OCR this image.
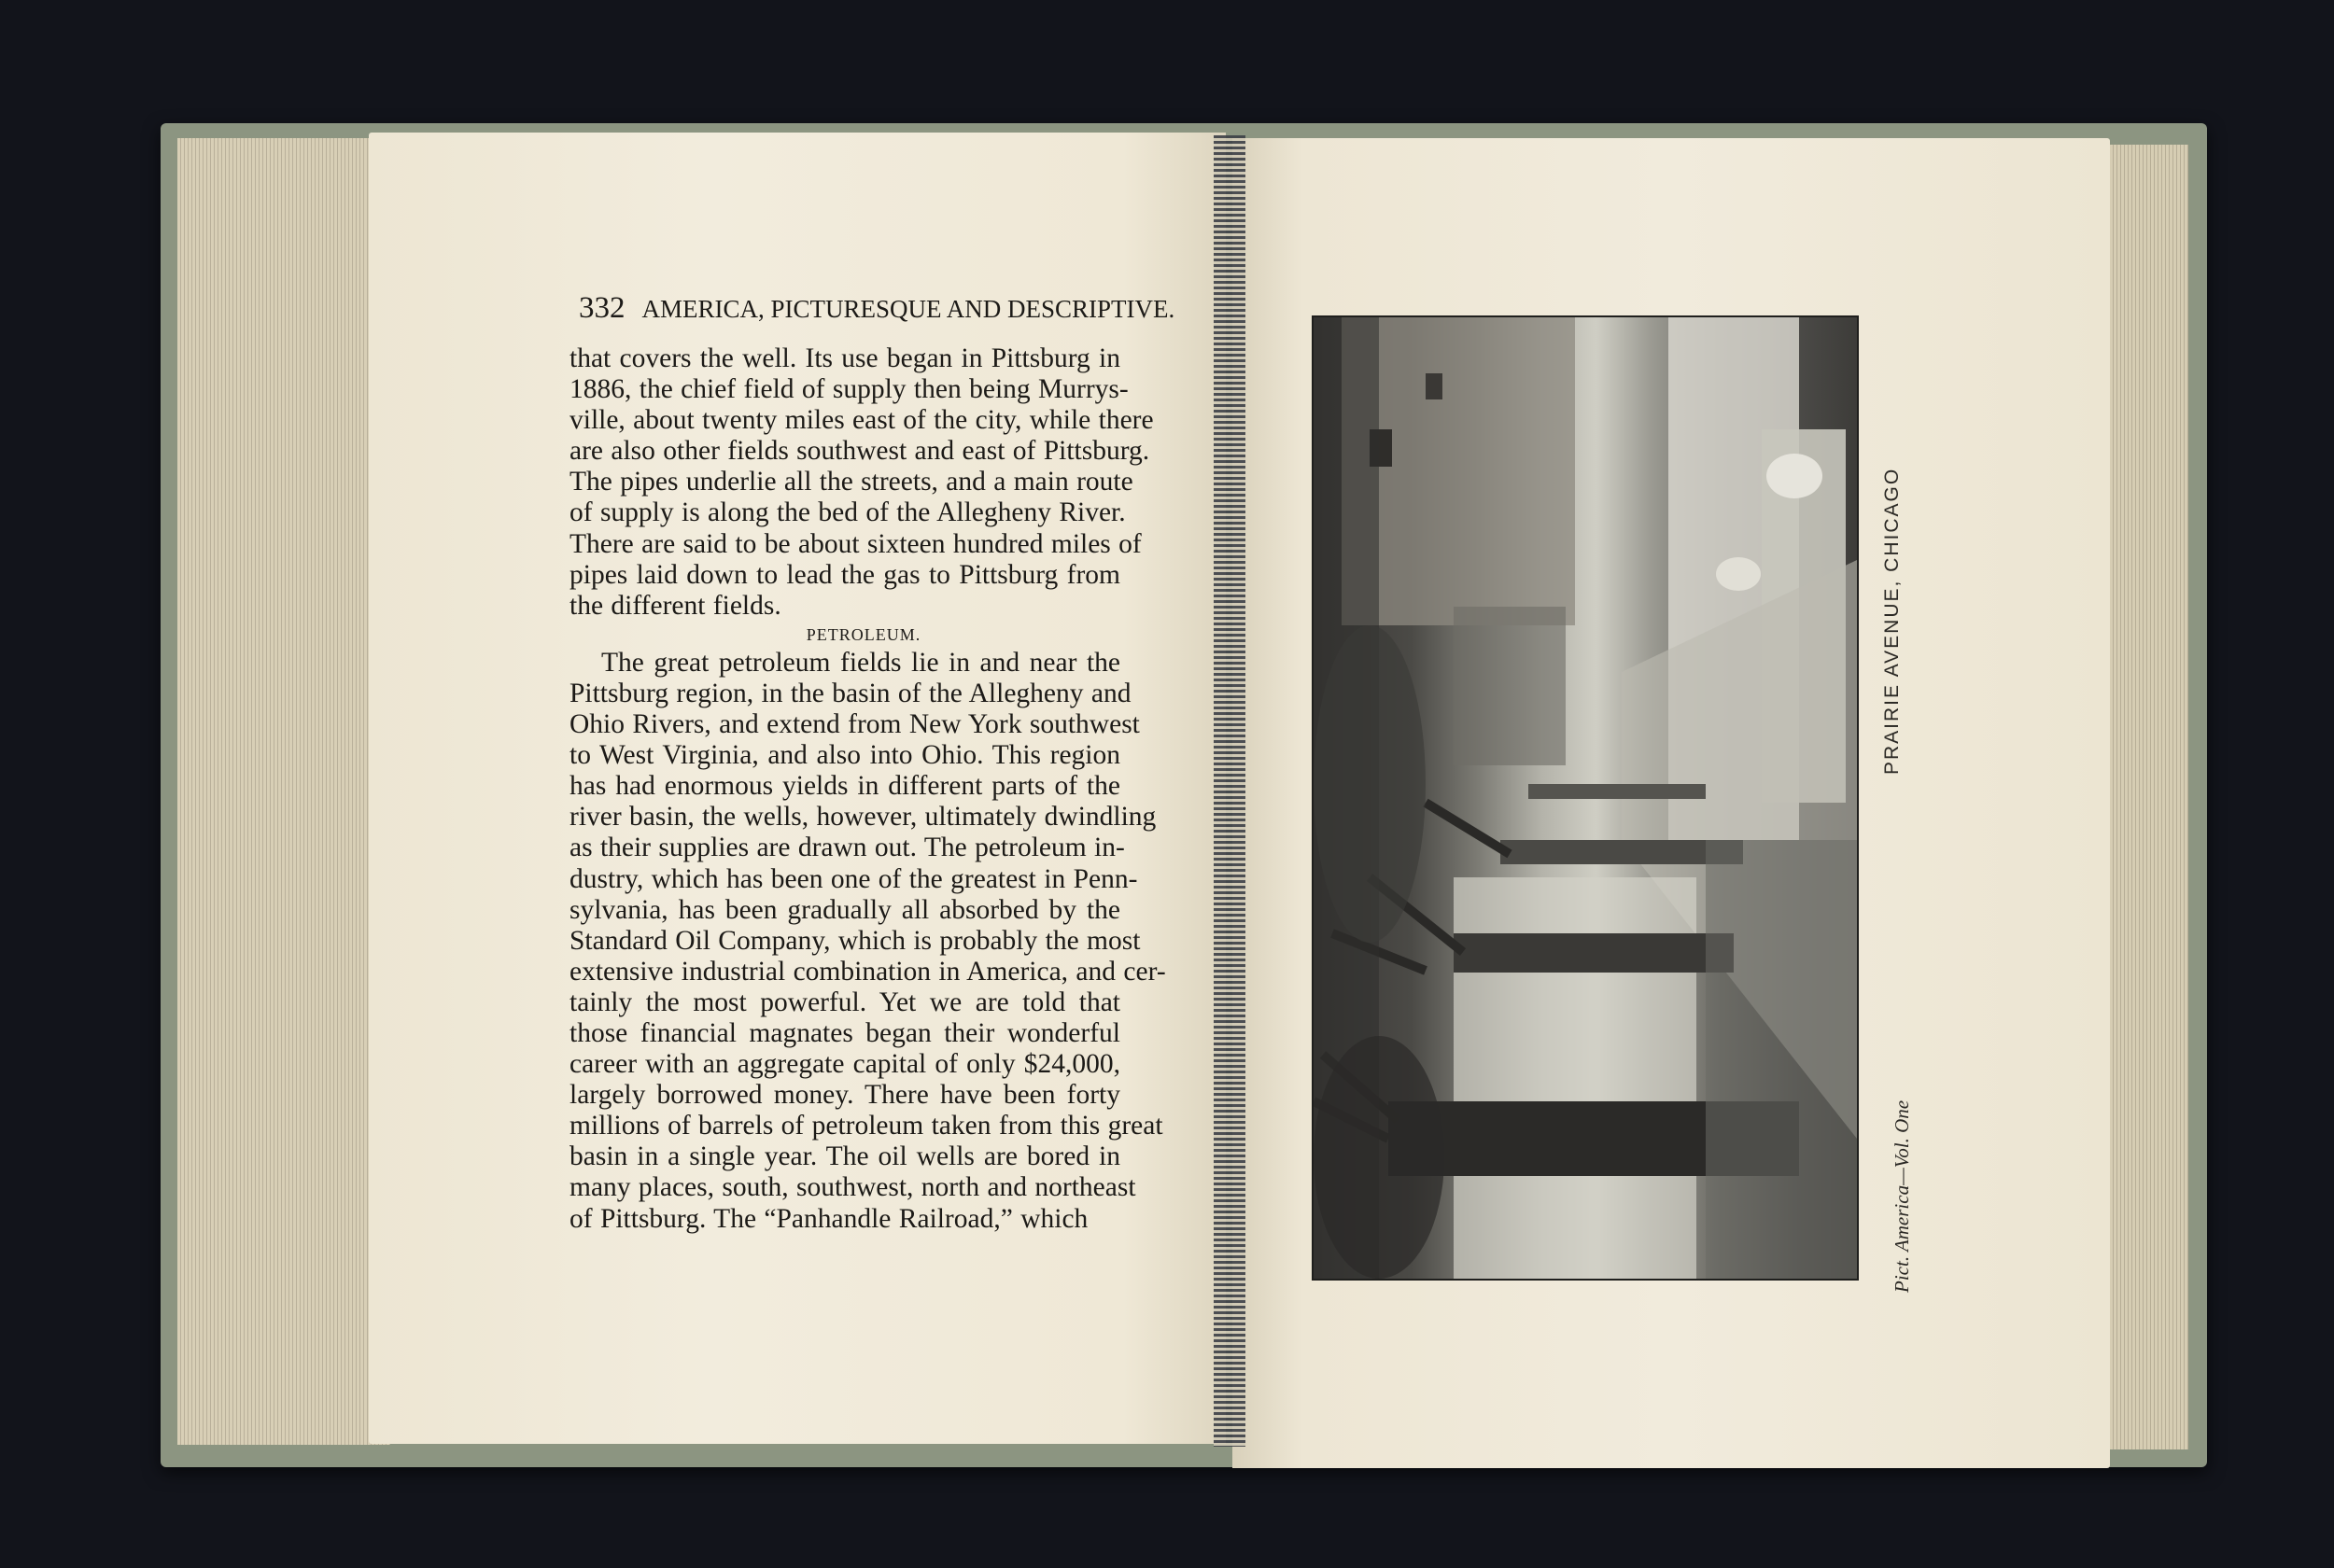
332 AMERICA, PICTURESQUE AND DESCRIPTIVE.
that covers the well. Its use began in Pittsburg in
1886, the chief field of supply then being Murrys-
ville, about twenty miles east of the city, while there
are also other fields southwest and east of Pittsburg.
The pipes underlie all the streets, and a main route
of supply is along the bed of the Allegheny River.
There are said to be about sixteen hundred miles of
pipes laid down to lead the gas to Pittsburg from
the different fields.
PETROLEUM.
The great petroleum fields lie in and near the
Pittsburg region, in the basin of the Allegheny and
Ohio Rivers, and extend from New York southwest
to West Virginia, and also into Ohio. This region
has had enormous yields in different parts of the
river basin, the wells, however, ultimately dwindling
as their supplies are drawn out. The petroleum in-
dustry, which has been one of the greatest in Penn-
sylvania, has been gradually all absorbed by the
Standard Oil Company, which is probably the most
extensive industrial combination in America, and cer-
tainly the most powerful. Yet we are told that
those financial magnates began their wonderful
career with an aggregate capital of only $24,000,
largely borrowed money. There have been forty
millions of barrels of petroleum taken from this great
basin in a single year. The oil wells are bored in
many places, south, southwest, north and northeast
of Pittsburg. The “Panhandle Railroad,” which
PRAIRIE AVENUE, CHICAGO
Pict. America—Vol. One
